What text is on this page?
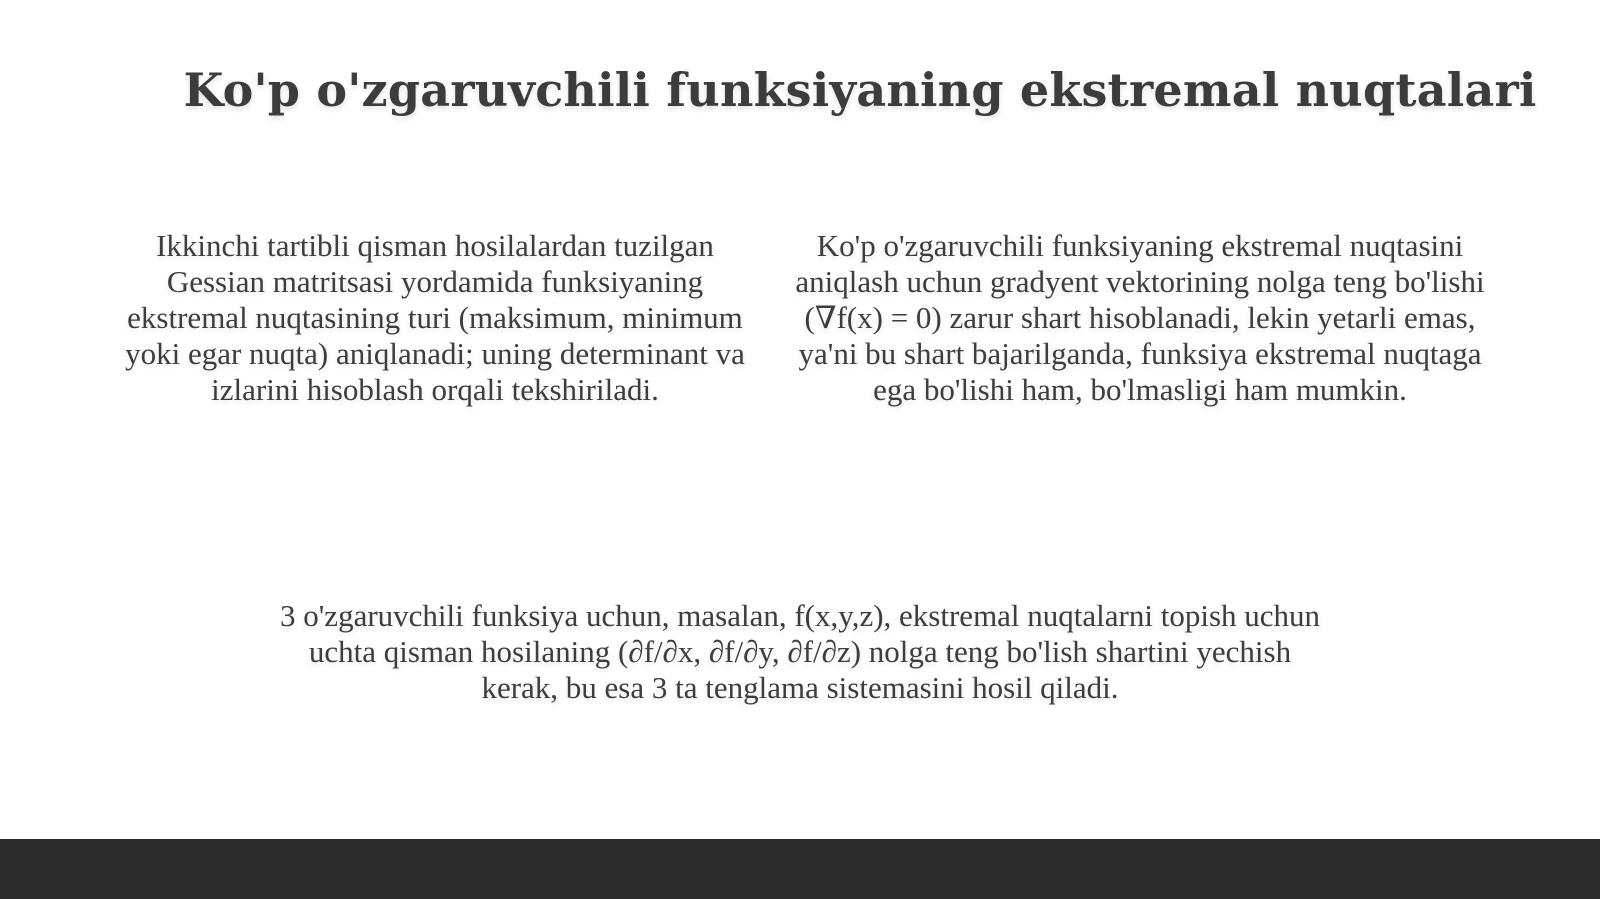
Ko'p o'zgaruvchili funksiyaning ekstremal nuqtalari
Ikkinchi tartibli qisman hosilalardan tuzilgan Gessian matritsasi yordamida funksiyaning ekstremal nuqtasining turi (maksimum, minimum yoki egar nuqta) aniqlanadi; uning determinant va izlarini hisoblash orqali tekshiriladi.
Ko'p o'zgaruvchili funksiyaning ekstremal nuqtasini aniqlash uchun gradyent vektorining nolga teng bo'lishi (∇f(x) = 0) zarur shart hisoblanadi, lekin yetarli emas, ya'ni bu shart bajarilganda, funksiya ekstremal nuqtaga ega bo'lishi ham, bo'lmasligi ham mumkin.
3 o'zgaruvchili funksiya uchun, masalan, f(x,y,z), ekstremal nuqtalarni topish uchun uchta qisman hosilaning (∂f/∂x, ∂f/∂y, ∂f/∂z) nolga teng bo'lish shartini yechish kerak, bu esa 3 ta tenglama sistemasini hosil qiladi.
